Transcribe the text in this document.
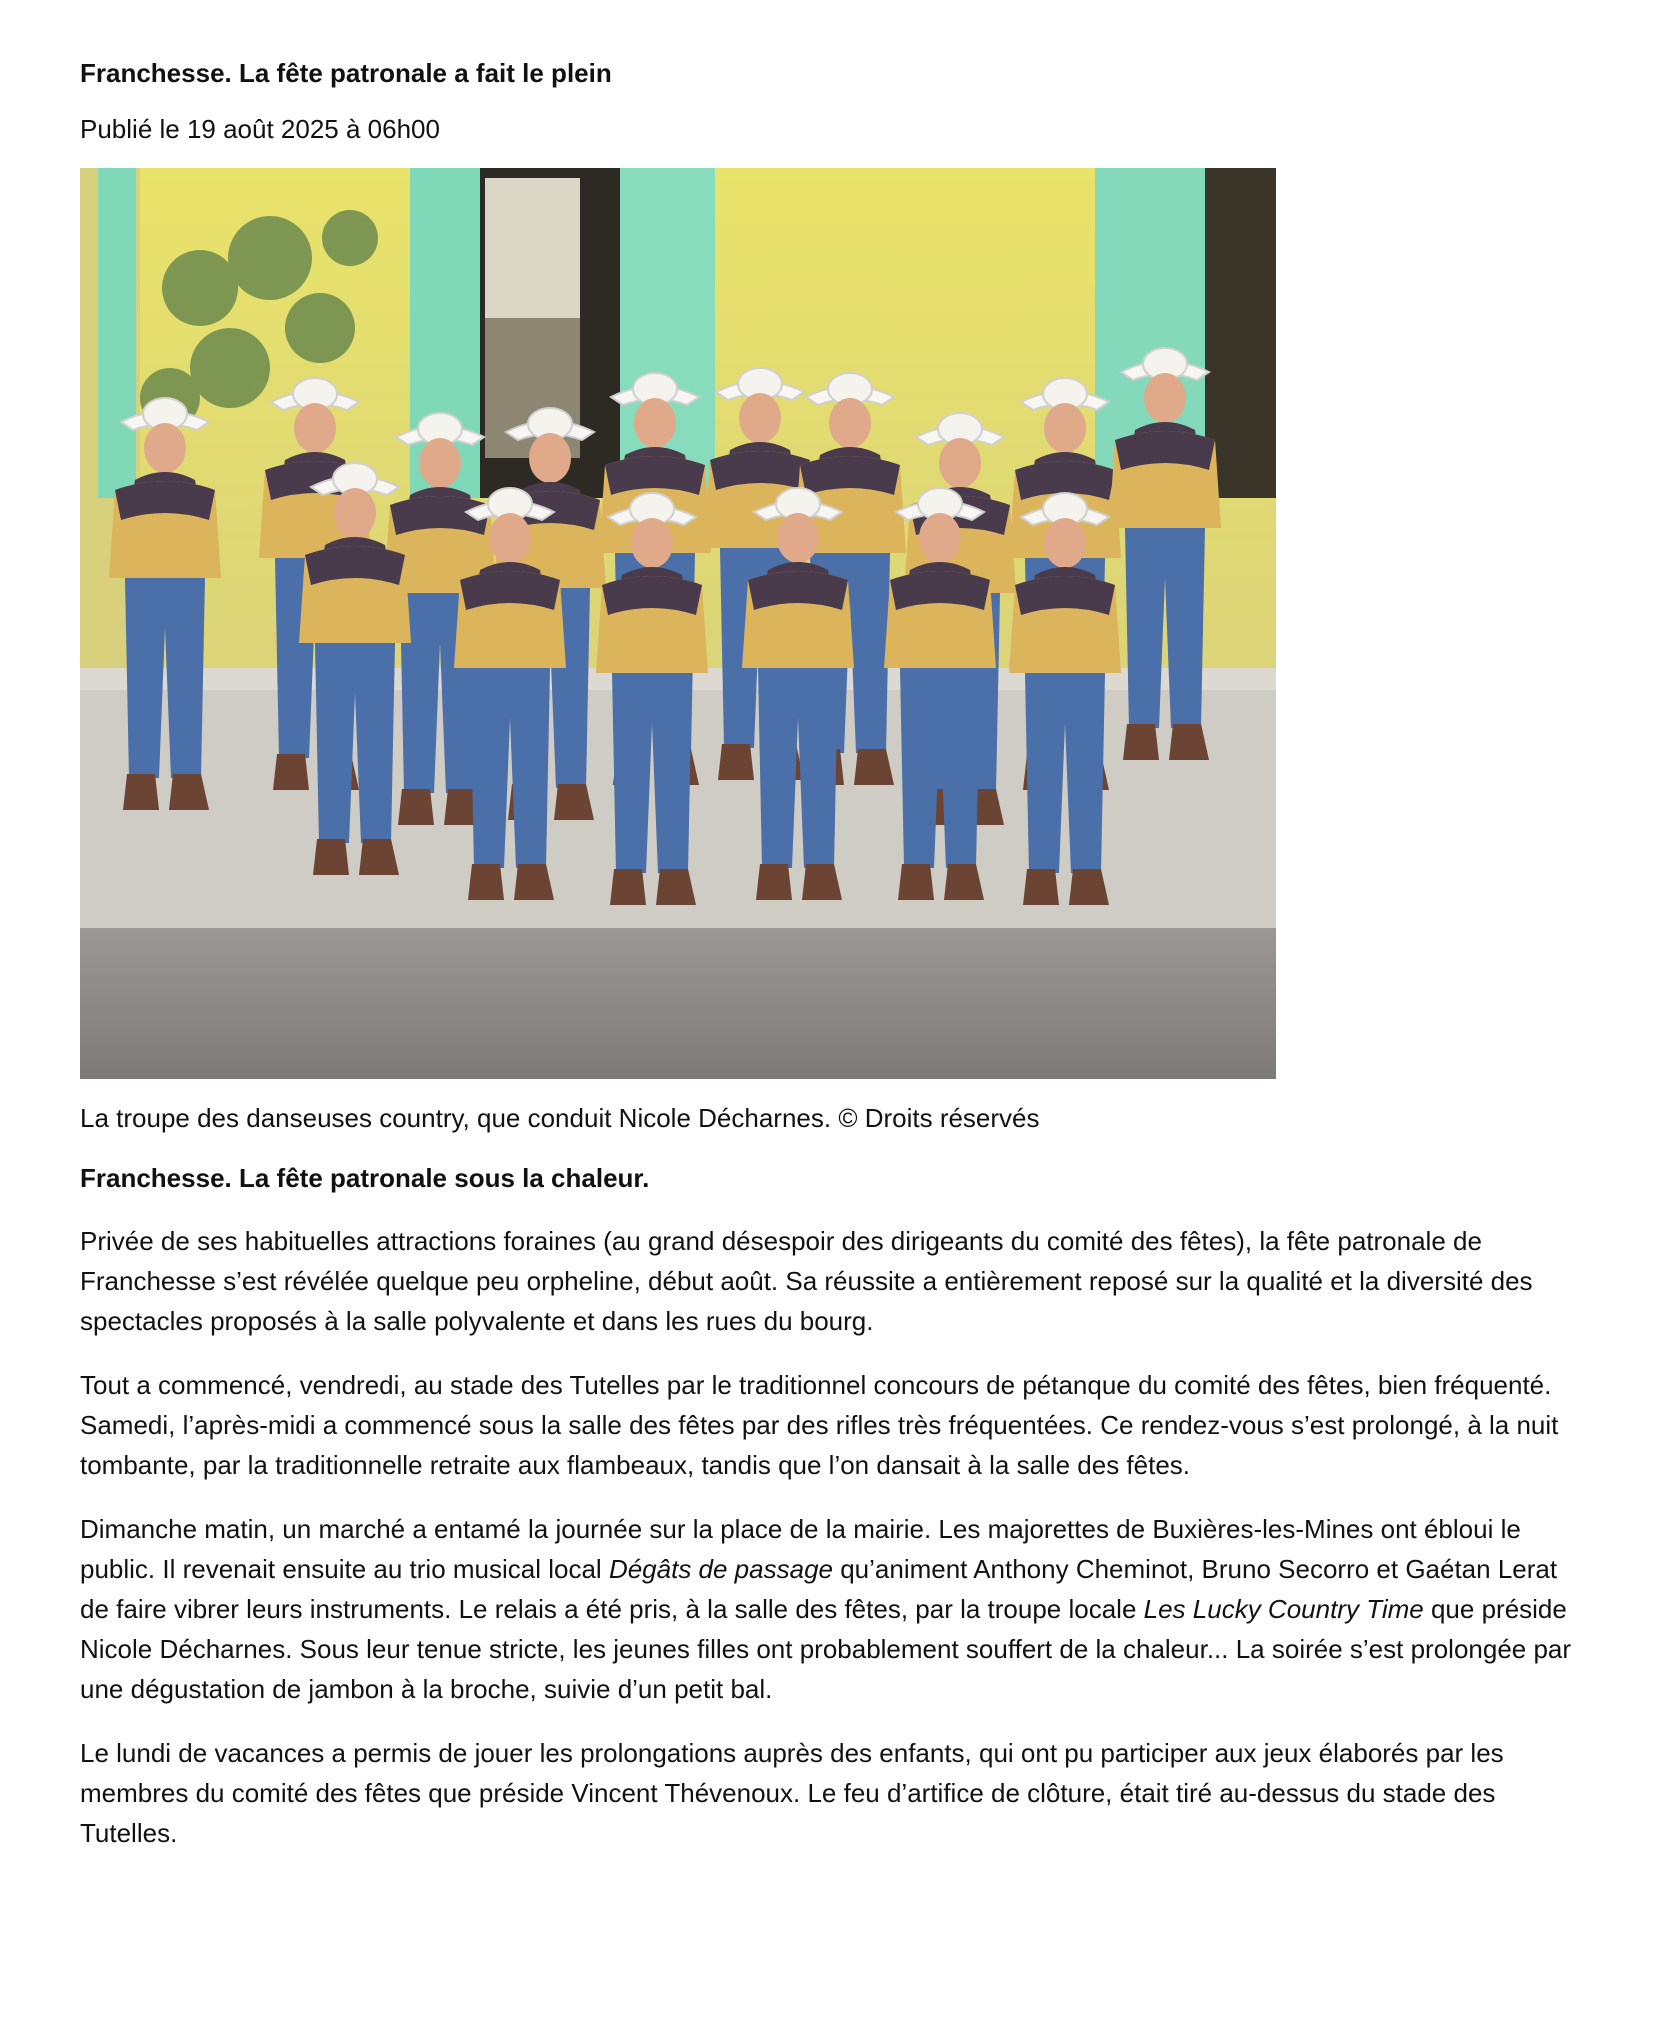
Franchesse. La fête patronale a fait le plein
Publié le 19 août 2025 à 06h00
La troupe des danseuses country, que conduit Nicole Décharnes. © Droits réservés
Franchesse. La fête patronale sous la chaleur.
Privée de ses habituelles attractions foraines (au grand désespoir des dirigeants du comité des fêtes), la fête patronale de Franchesse s’est révélée quelque peu orpheline, début août. Sa réussite a entièrement reposé sur la qualité et la diversité des spectacles proposés à la salle polyvalente et dans les rues du bourg.
Tout a commencé, vendredi, au stade des Tutelles par le traditionnel concours de pétanque du comité des fêtes, bien fréquenté. Samedi, l’après-midi a commencé sous la salle des fêtes par des rifles très fréquentées. Ce rendez-vous s’est prolongé, à la nuit tombante, par la traditionnelle retraite aux flambeaux, tandis que l’on dansait à la salle des fêtes.
Dimanche matin, un marché a entamé la journée sur la place de la mairie. Les majorettes de Buxières-les-Mines ont ébloui le public. Il revenait ensuite au trio musical local Dégâts de passage qu’animent Anthony Cheminot, Bruno Secorro et Gaétan Lerat de faire vibrer leurs instruments. Le relais a été pris, à la salle des fêtes, par la troupe locale Les Lucky Country Time que préside Nicole Décharnes. Sous leur tenue stricte, les jeunes filles ont probablement souffert de la chaleur... La soirée s’est prolongée par une dégustation de jambon à la broche, suivie d’un petit bal.
Le lundi de vacances a permis de jouer les prolongations auprès des enfants, qui ont pu participer aux jeux élaborés par les membres du comité des fêtes que préside Vincent Thévenoux. Le feu d’artifice de clôture, était tiré au-dessus du stade des Tutelles.
